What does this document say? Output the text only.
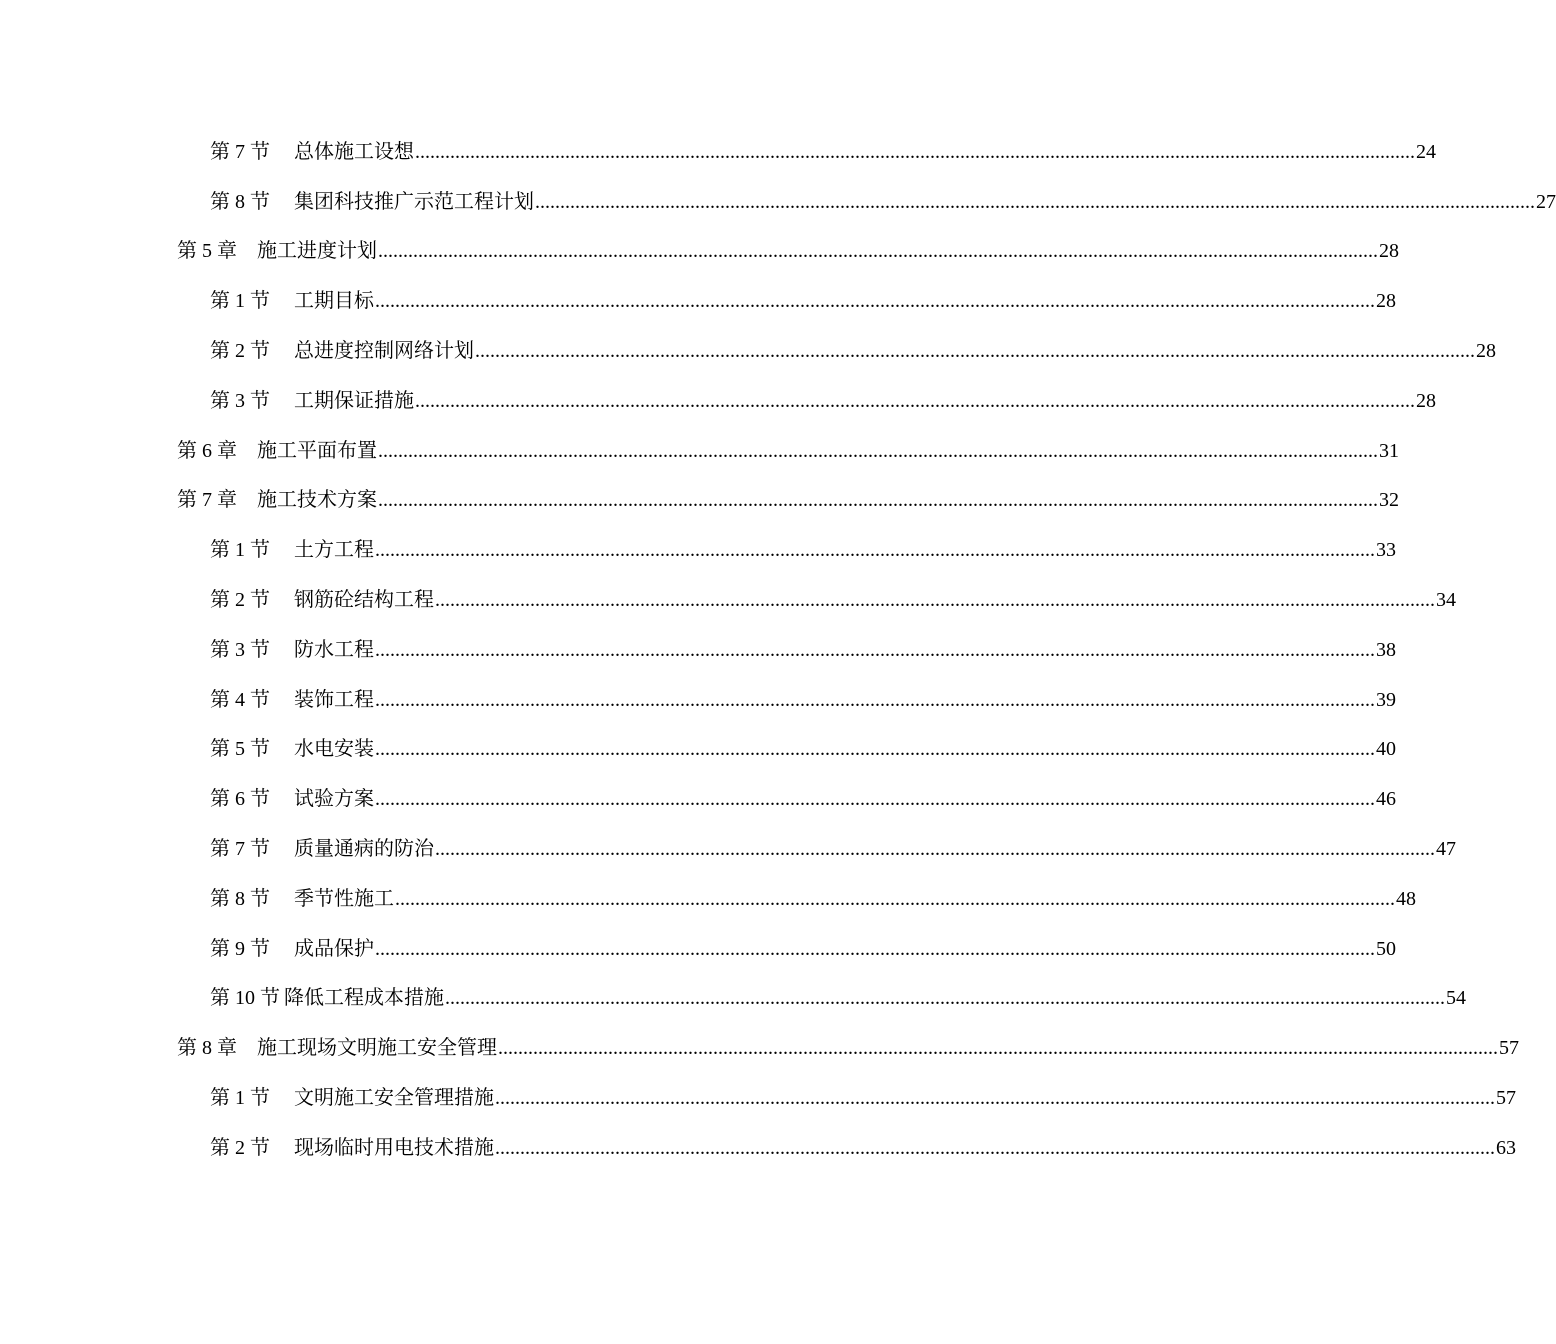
第 7 节	总体施工设想 ........................................................................................................................................................................................................ 24
第 8 节	集团科技推广示范工程计划 ........................................................................................................................................................................................................ 27
第 5 章	施工进度计划 ........................................................................................................................................................................................................ 28
第 1 节	工期目标 ........................................................................................................................................................................................................ 28
第 2 节	总进度控制网络计划 ........................................................................................................................................................................................................ 28
第 3 节	工期保证措施 ........................................................................................................................................................................................................ 28
第 6 章	施工平面布置 ........................................................................................................................................................................................................ 31
第 7 章	施工技术方案 ........................................................................................................................................................................................................ 32
第 1 节	土方工程 ........................................................................................................................................................................................................ 33
第 2 节	钢筋砼结构工程 ........................................................................................................................................................................................................ 34
第 3 节	防水工程 ........................................................................................................................................................................................................ 38
第 4 节	装饰工程 ........................................................................................................................................................................................................ 39
第 5 节	水电安装 ........................................................................................................................................................................................................ 40
第 6 节	试验方案 ........................................................................................................................................................................................................ 46
第 7 节	质量通病的防治 ........................................................................................................................................................................................................ 47
第 8 节	季节性施工 ........................................................................................................................................................................................................ 48
第 9 节	成品保护 ........................................................................................................................................................................................................ 50
第 10 节 降低工程成本措施 ........................................................................................................................................................................................................ 54
第 8 章	施工现场文明施工安全管理 ........................................................................................................................................................................................................ 57
第 1 节	文明施工安全管理措施 ........................................................................................................................................................................................................ 57
第 2 节	现场临时用电技术措施 ........................................................................................................................................................................................................ 63
